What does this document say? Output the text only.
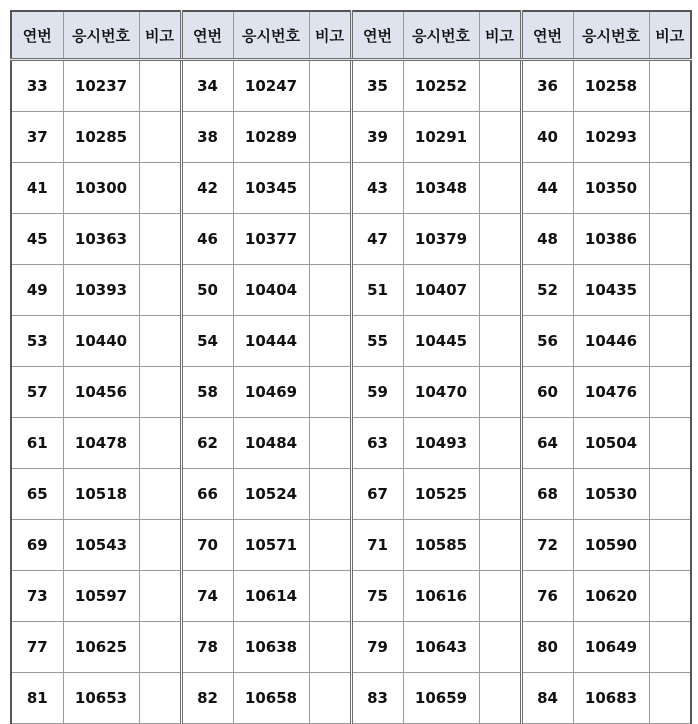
연번	응시번호	비고	연번	응시번호	비고	연번	응시번호	비고	연번	응시번호	비고
33	10237		34	10247		35	10252		36	10258	
37	10285		38	10289		39	10291		40	10293	
41	10300		42	10345		43	10348		44	10350	
45	10363		46	10377		47	10379		48	10386	
49	10393		50	10404		51	10407		52	10435	
53	10440		54	10444		55	10445		56	10446	
57	10456		58	10469		59	10470		60	10476	
61	10478		62	10484		63	10493		64	10504	
65	10518		66	10524		67	10525		68	10530	
69	10543		70	10571		71	10585		72	10590	
73	10597		74	10614		75	10616		76	10620	
77	10625		78	10638		79	10643		80	10649	
81	10653		82	10658		83	10659		84	10683	
